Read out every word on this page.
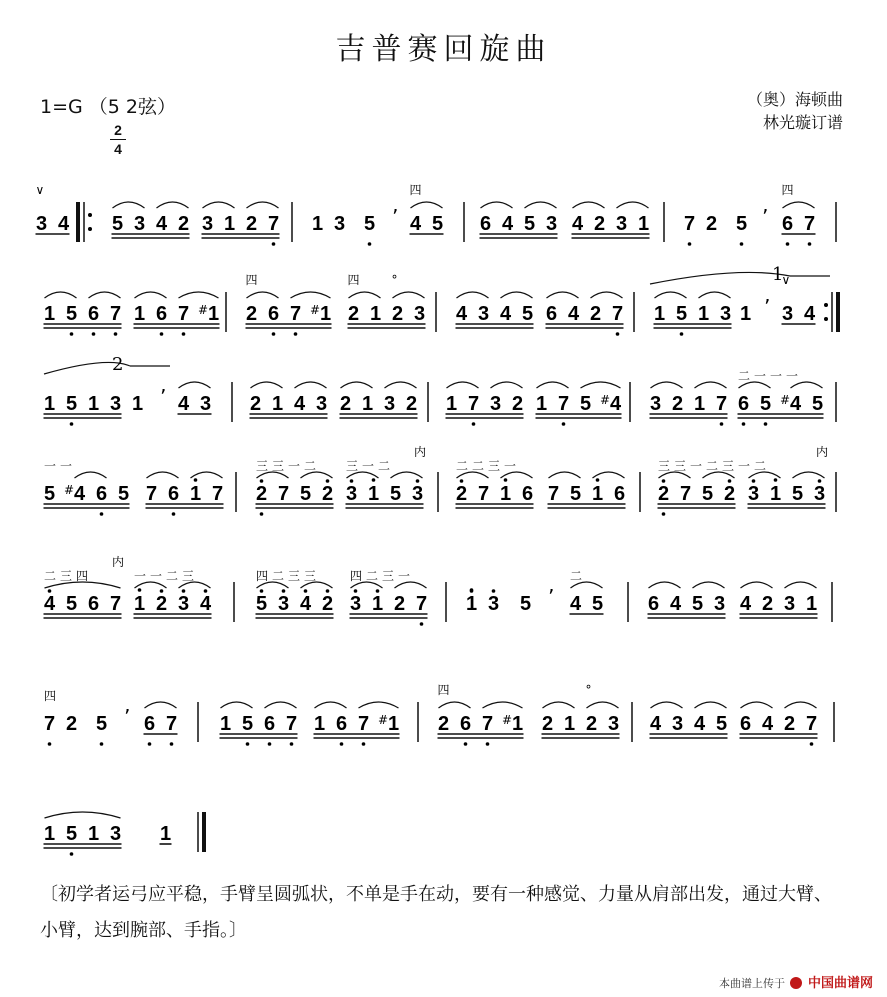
吉普赛回旋曲
1=G （5 2弦）
2
4
（奥）海顿曲
林光璇订谱
3 4
∨
5 3 4 2 3 1 2 7 1 3 5 ’ 4 5
四
6 4 5 3 4 2 3 1 7 2 5 ’ 6 7
四
1 5 6 7 1 6 7 # 1 2 6 7 # 1
四
2 1 2 3
四	°
4 3 4 5 6 4 2 7 1 5 1 3 1 ’ 3 4
∨
1
1 5 1 3 1 ’ 4 3 2 1 4 3 2 1 3 2 1 7 3 2 1 7 5 # 4 3 2 1 7 6 5 # 4 5
二一一一
2
5 # 4 6 5
一一
7 6 1 7 2 7 5 2
三三一二
3 1 5 3
三一二
内
2 7 1 6
二二三一
7 5 1 6 2 7 5 2
三三一二三一二
3 1 5 3
内
4 5 6 7
二三四
内
1 2 3 4
一一二三
5 3 4 2
四二三三
3 1 2 7
四二三一
1 3 5 ’ 4 5
二
6 4 5 3 4 2 3 1
7 2
四
5 ’ 6 7 1 5 6 7 1 6 7 # 1 2 6 7 # 1
四
2 1 2 3
°
4 3 4 5 6 4 2 7
1 5 1 3 1
〔初学者运弓应平稳，手臂呈圆弧状，不单是手在动，要有一种感觉、力量从肩部出发，通过大臂、小臂，达到腕部、手指。〕
本曲谱上传于 中国曲谱网
